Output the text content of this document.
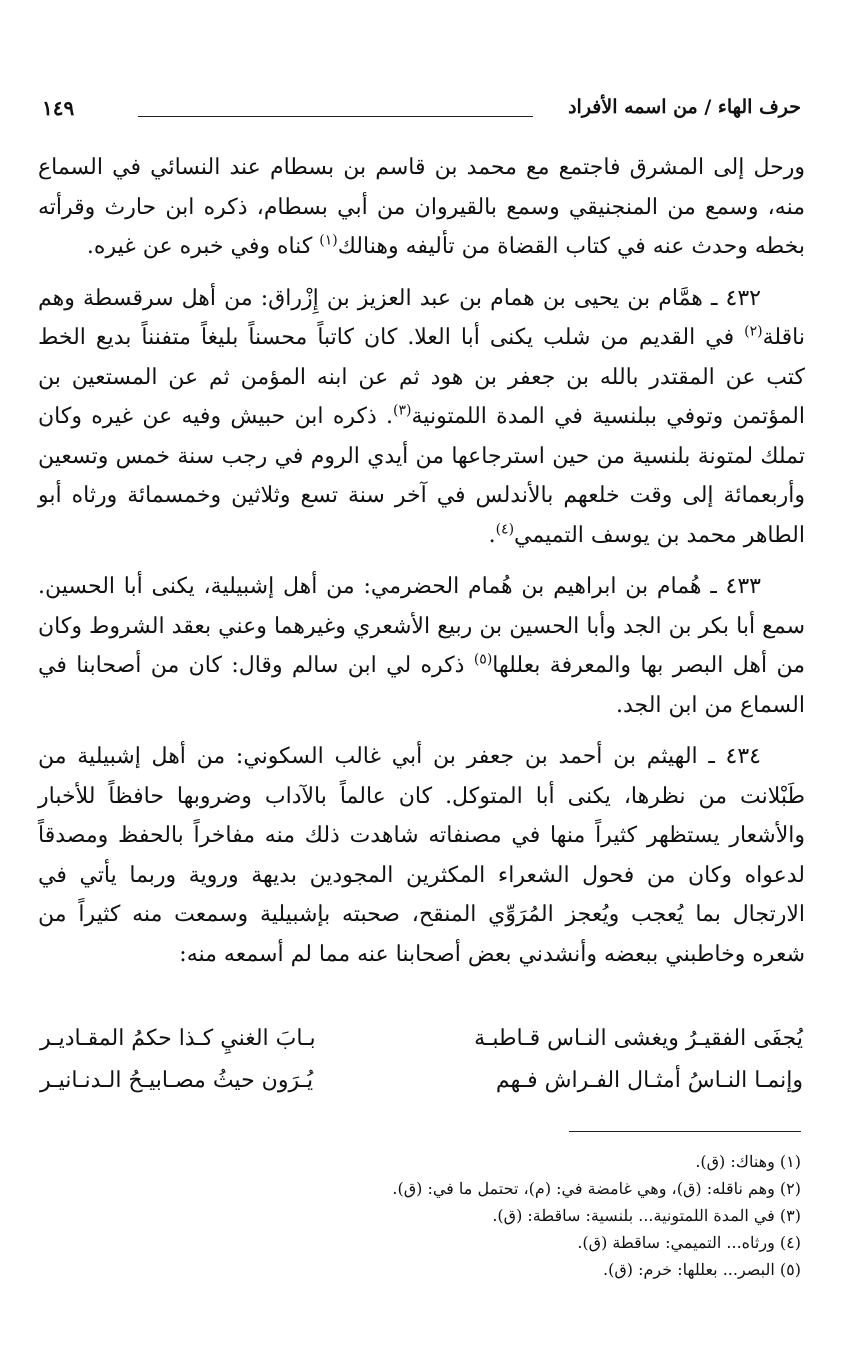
حرف الهاء / من اسمه الأفراد
١٤٩

ورحل إلى المشرق فاجتمع مع محمد بن قاسم بن بسطام عند النسائي في السماع منه، وسمع من المنجنيقي وسمع بالقيروان من أبي بسطام، ذكره ابن حارث وقرأته بخطه وحدث عنه في كتاب القضاة من تأليفه وهنالك$^{(١)}$ كناه وفي خبره عن غيره.

٤٣٢ ـ همَّام بن يحيى بن همام بن عبد العزيز بن إِزْراق: من أهل سرقسطة وهم ناقلة$^{(٢)}$ في القديم من شلب يكنى أبا العلا. كان كاتباً محسناً بليغاً متفنناً بديع الخط كتب عن المقتدر بالله بن جعفر بن هود ثم عن ابنه المؤمن ثم عن المستعين بن المؤتمن وتوفي ببلنسية في المدة اللمتونية$^{(٣)}$. ذكره ابن حبيش وفيه عن غيره وكان تملك لمتونة بلنسية من حين استرجاعها من أيدي الروم في رجب سنة خمس وتسعين وأربعمائة إلى وقت خلعهم بالأندلس في آخر سنة تسع وثلاثين وخمسمائة ورثاه أبو الطاهر محمد بن يوسف التميمي$^{(٤)}$.

٤٣٣ ـ هُمام بن ابراهيم بن هُمام الحضرمي: من أهل إشبيلية، يكنى أبا الحسين. سمع أبا بكر بن الجد وأبا الحسين بن ربيع الأشعري وغيرهما وعني بعقد الشروط وكان من أهل البصر بها والمعرفة بعللها$^{(٥)}$ ذكره لي ابن سالم وقال: كان من أصحابنا في السماع من ابن الجد.

٤٣٤ ـ الهيثم بن أحمد بن جعفر بن أبي غالب السكوني: من أهل إشبيلية من طَبْلانت من نظرها، يكنى أبا المتوكل. كان عالماً بالآداب وضروبها حافظاً للأخبار والأشعار يستظهر كثيراً منها في مصنفاته شاهدت ذلك منه مفاخراً بالحفظ ومصدقاً لدعواه وكان من فحول الشعراء المكثرين المجودين بديهة وروية وربما يأتي في الارتجال بما يُعجب ويُعجز المُرَوِّي المنقح، صحبته بإشبيلية وسمعت منه كثيراً من شعره وخاطبني ببعضه وأنشدني بعض أصحابنا عنه مما لم أسمعه منه:

يُجفَى الفقيـرُ ويغشى النـاس قـاطبـة
بـابَ الغنيِ كـذا حكمُ المقـاديـر
وإنمـا النـاسُ أمثـال الفـراش فـهم
يُـرَون حيثُ مصـابيـحُ الـدنـانيـر
(١) وهناك: (ق).
(٢) وهم ناقله: (ق)، وهي غامضة في: (م)، تحتمل ما في: (ق).
(٣) في المدة اللمتونية... بلنسية: ساقطة: (ق).
(٤) ورثاه... التميمي: ساقطة (ق).
(٥) البصر... بعللها: خرم: (ق).
